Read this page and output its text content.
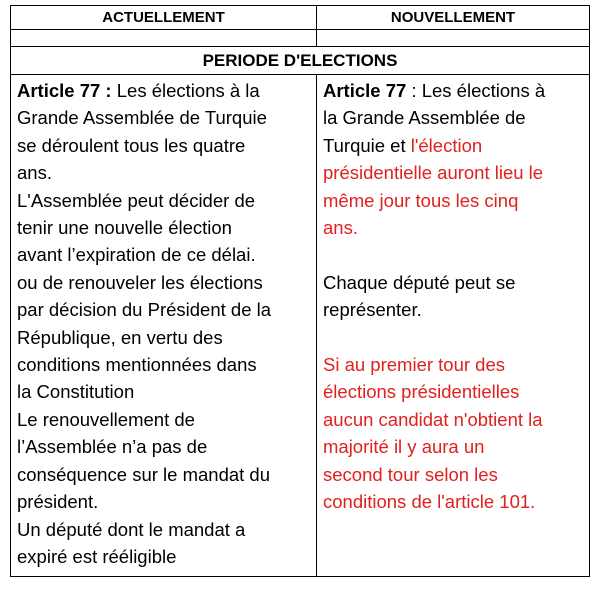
ACTUELLEMENT	NOUVELLEMENT
PERIODE D'ELECTIONS
Article 77 : Les élections à la
Grande Assemblée de Turquie
se déroulent tous les quatre
ans.
L'Assemblée peut décider de
tenir une nouvelle élection
avant l’expiration de ce délai.
ou de renouveler les élections
par décision du Président de la
République, en vertu des
conditions mentionnées dans
la Constitution
Le renouvellement de
l’Assemblée n’a pas de
conséquence sur le mandat du
président.
Un député dont le mandat a
expiré est rééligible
Article 77 : Les élections à
la Grande Assemblée de
Turquie et l'élection
présidentielle auront lieu le
même jour tous les cinq
ans.
Chaque député peut se
représenter.
Si au premier tour des
élections présidentielles
aucun candidat n'obtient la
majorité il y aura un
second tour selon les
conditions de l'article 101.
